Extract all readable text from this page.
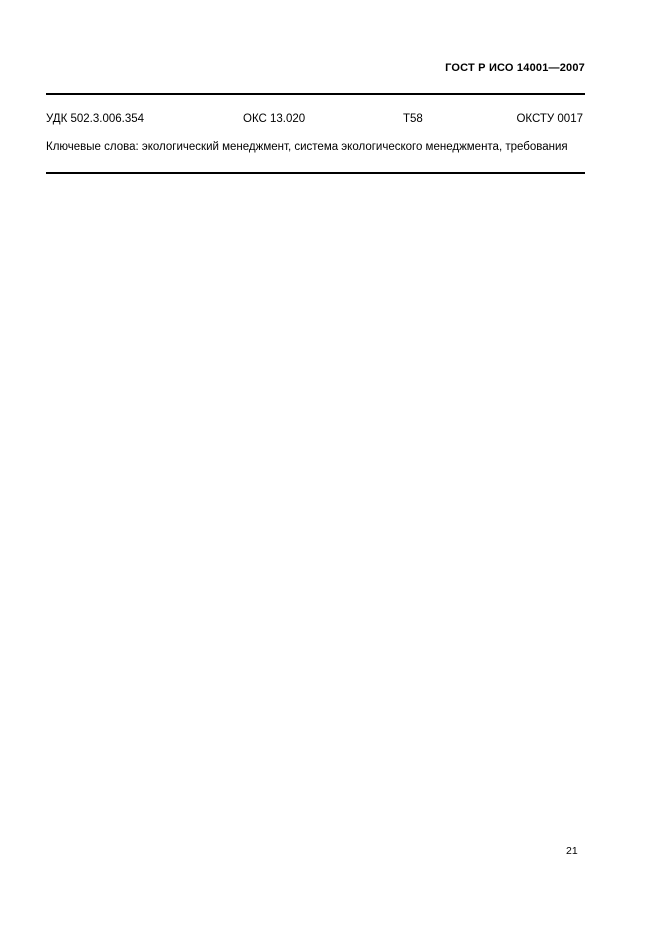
ГОСТ Р ИСО 14001—2007
УДК 502.3.006.354	ОКС 13.020	Т58	ОКСТУ 0017
Ключевые слова: экологический менеджмент, система экологического менеджмента, требования
21
